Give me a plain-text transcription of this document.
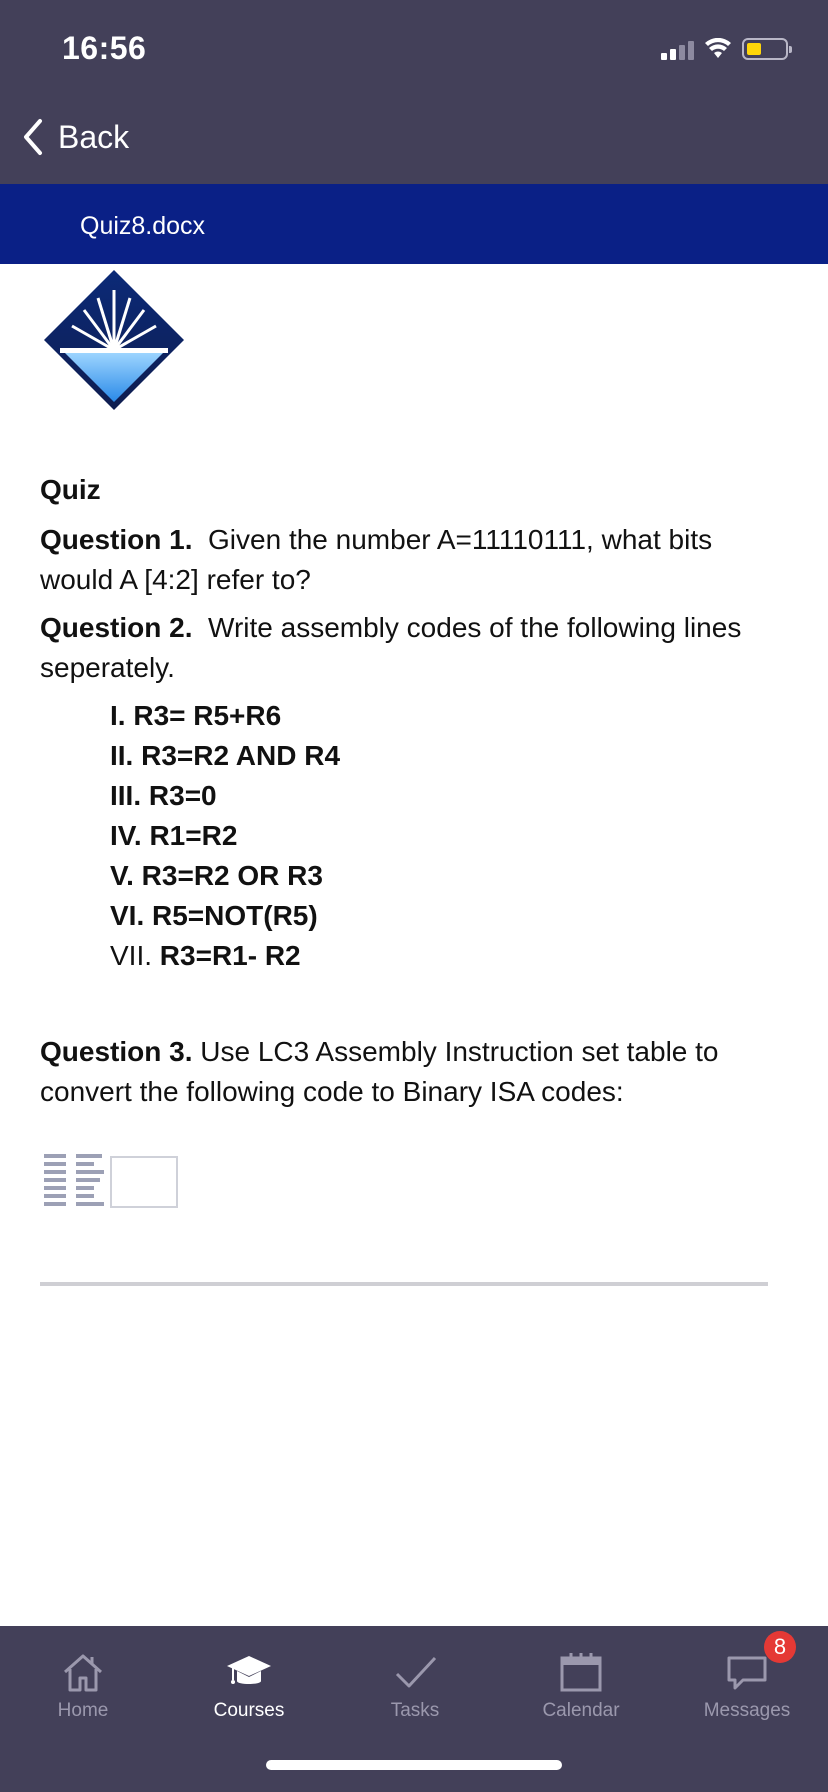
16:56
Back
Quiz8.docx
Quiz
Question 1. Given the number A=11110111, what bits would A [4:2] refer to?
Question 2. Write assembly codes of the following lines seperately.
I. R3= R5+R6
II. R3=R2 AND R4
III. R3=0
IV. R1=R2
V. R3=R2 OR R3
VI. R5=NOT(R5)
VII. R3=R1- R2
Question 3. Use LC3 Assembly Instruction set table to convert the following code to Binary ISA codes:
Home	Courses	Tasks	Calendar
8
Messages
